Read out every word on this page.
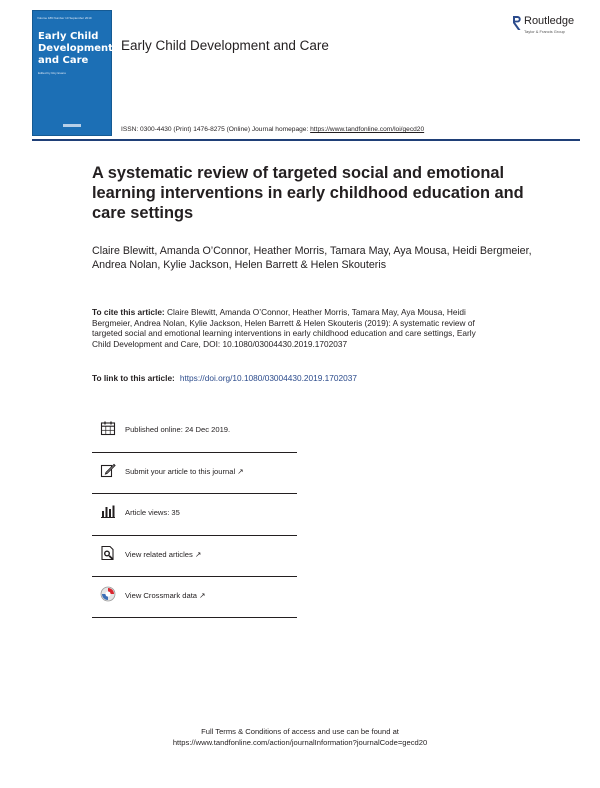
Volume 189 Number 10 September 2019
Early Child Development and Care
Edited by Roy Evans
Early Child Development and Care
Routledge
Taylor & Francis Group
ISSN: 0300-4430 (Print) 1476-8275 (Online) Journal homepage: https://www.tandfonline.com/loi/gecd20
A systematic review of targeted social and emotional learning interventions in early childhood education and care settings
Claire Blewitt, Amanda O’Connor, Heather Morris, Tamara May, Aya Mousa, Heidi Bergmeier, Andrea Nolan, Kylie Jackson, Helen Barrett & Helen Skouteris
To cite this article: Claire Blewitt, Amanda O’Connor, Heather Morris, Tamara May, Aya Mousa, Heidi Bergmeier, Andrea Nolan, Kylie Jackson, Helen Barrett & Helen Skouteris (2019): A systematic review of targeted social and emotional learning interventions in early childhood education and care settings, Early Child Development and Care, DOI: 10.1080/03004430.2019.1702037
To link to this article: https://doi.org/10.1080/03004430.2019.1702037
Published online: 24 Dec 2019.
Submit your article to this journal ↗
Article views: 35
View related articles ↗
View Crossmark data ↗
Full Terms & Conditions of access and use can be found at
https://www.tandfonline.com/action/journalInformation?journalCode=gecd20
